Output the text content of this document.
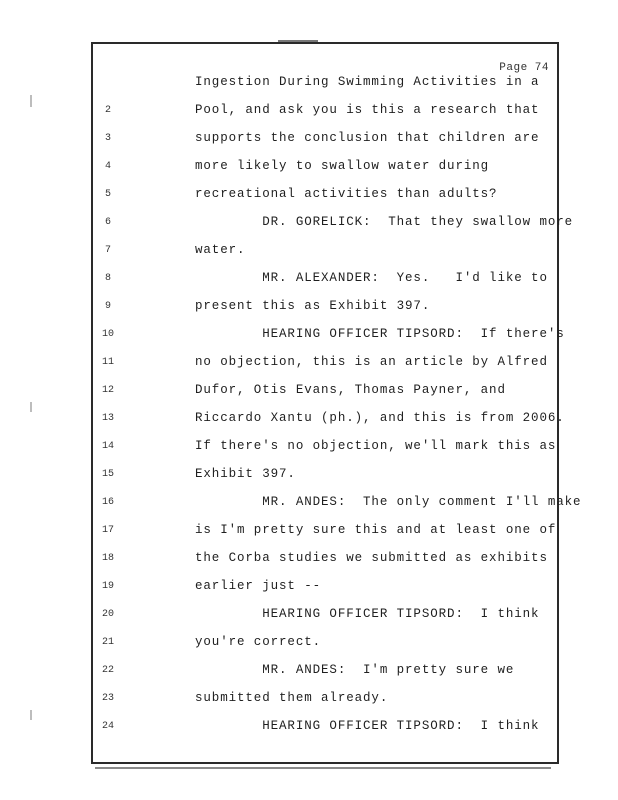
Page 74
Ingestion During Swimming Activities in a
2	Pool, and ask you is this a research that
3	supports the conclusion that children are
4	more likely to swallow water during
5	recreational activities than adults?
6	DR. GORELICK:  That they swallow more
7	water.
8	MR. ALEXANDER:  Yes.   I'd like to
9	present this as Exhibit 397.
10	HEARING OFFICER TIPSORD:  If there's
11	no objection, this is an article by Alfred
12	Dufor, Otis Evans, Thomas Payner, and
13	Riccardo Xantu (ph.), and this is from 2006.
14	If there's no objection, we'll mark this as
15	Exhibit 397.
16	MR. ANDES:  The only comment I'll make
17	is I'm pretty sure this and at least one of
18	the Corba studies we submitted as exhibits
19	earlier just --
20	HEARING OFFICER TIPSORD:  I think
21	you're correct.
22	MR. ANDES:  I'm pretty sure we
23	submitted them already.
24	HEARING OFFICER TIPSORD:  I think
